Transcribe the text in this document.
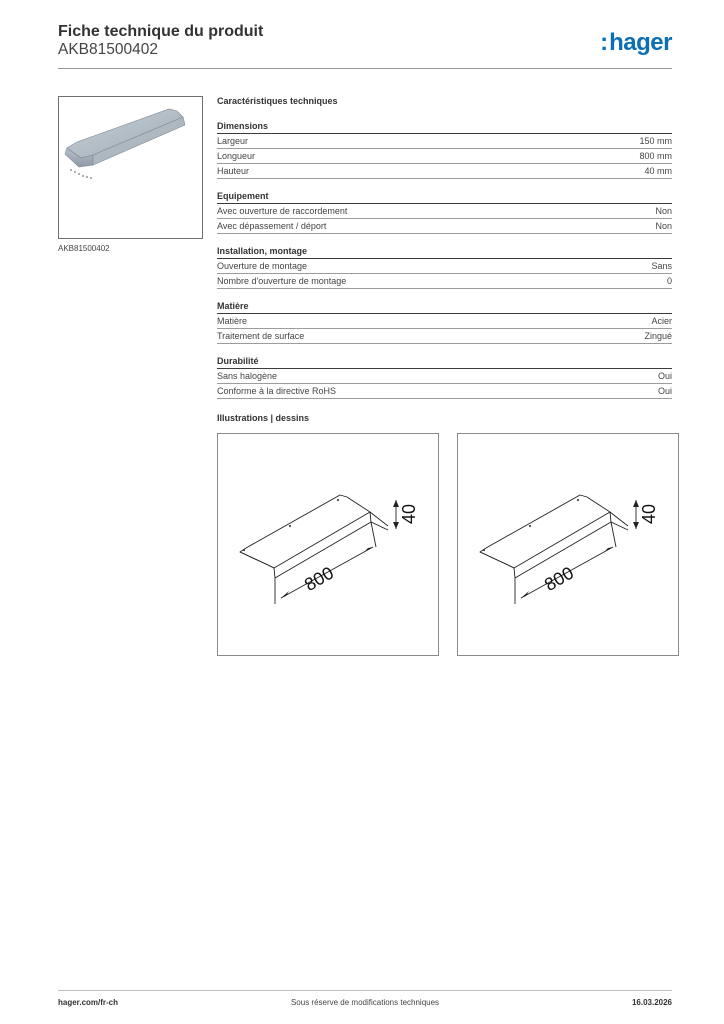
Fiche technique du produit
AKB81500402	:hager
AKB81500402
Caractéristiques techniques
Dimensions
Largeur	150 mm
Longueur	800 mm
Hauteur	40 mm
Equipement
Avec ouverture de raccordement	Non
Avec dépassement / déport	Non
Installation, montage
Ouverture de montage	Sans
Nombre d'ouverture de montage	0
Matière
Matière	Acier
Traitement de surface	Zingué
Durabilité
Sans halogène	Oui
Conforme à la directive RoHS	Oui
Illustrations | dessins
800
40
800
40
hager.com/fr-ch	Sous réserve de modifications techniques	16.03.2026
